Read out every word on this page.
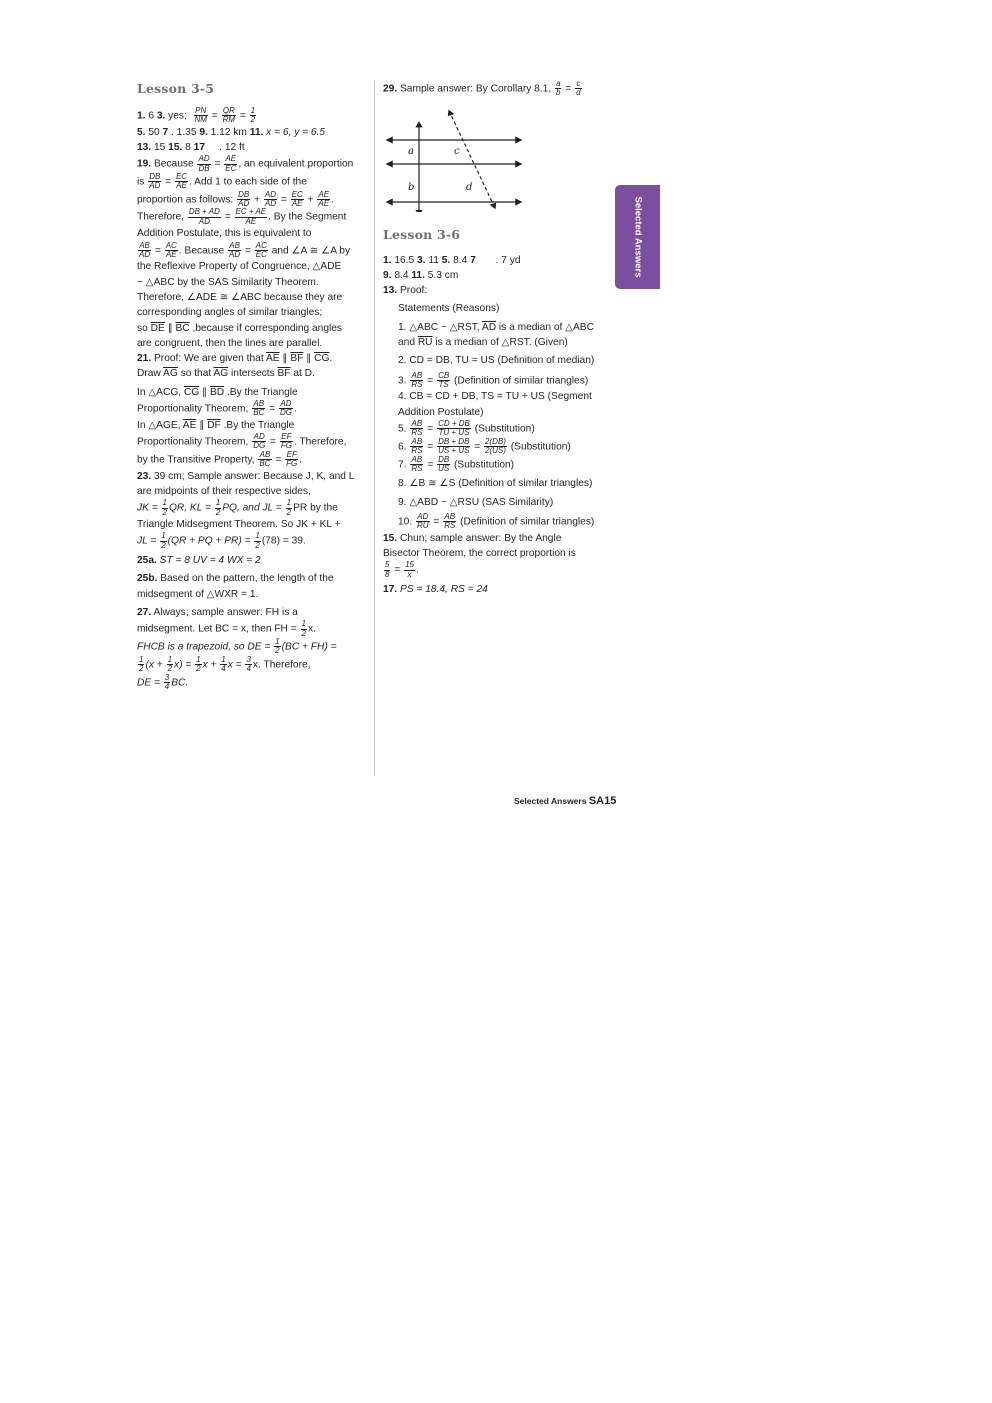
Lesson 3-5
1. 6 3. yes; $\frac{PN}{NM} = \frac{QR}{RM} = \frac{1}{2}$
5. 50 7 . 1.35 9. 1.12 km 11. x = 6, y = 6.5
13. 15 15. 8 17     . 12 ft
19. Because $\frac{AD}{DB} = \frac{AE}{EC}$ , an equivalent proportion
is $\frac{DB}{AD} = \frac{EC}{AE}$ . Add 1 to each side of the
proportion as follows: $\frac{DB}{AD} + \frac{AD}{AD} = \frac{EC}{AE} + \frac{AE}{AE}$ .
Therefore, $\frac{DB + AD}{AD} = \frac{EC + AE}{AE}$ . By the Segment
Addition Postulate, this is equivalent to
$\frac{AB}{AD} = \frac{AC}{AE}$ . Because $\frac{AB}{AD} = \frac{AC}{EC}$ and ∠A ≅ ∠A by
the Reflexive Property of Congruence, △ADE
~ △ABC by the SAS Similarity Theorem.
Therefore, ∠ADE ≅ ∠ABC because they are
corresponding angles of similar triangles;
so $\overline{DE}$ ∥ $\overline{BC}$ ,because if corresponding angles
are congruent, then the lines are parallel.
21. Proof: We are given that $\overline{AE}$ ∥ $\overline{BF}$ ∥ $\overline{CG}$.
Draw $\overline{AG}$ so that $\overline{AG}$ intersects $\overline{BF}$ at D.
In △ACG, $\overline{CG}$ ∥ $\overline{BD}$ .By the Triangle
Proportionality Theorem, $\frac{AB}{BC} = \frac{AD}{DG}$ .
In △AGE, $\overline{AE}$ ∥ $\overline{DF}$ .By the Triangle
Proportionality Theorem, $\frac{AD}{DG} = \frac{EF}{FG}$ . Therefore,
by the Transitive Property, $\frac{AB}{BC} = \frac{EF}{FG}$ .
23. 39 cm; Sample answer: Because J, K, and L
are midpoints of their respective sides,
JK = $\frac{1}{2}$ QR, KL = $\frac{1}{2}$ PQ, and JL = $\frac{1}{2}$ PR by the
Triangle Midsegment Theorem. So JK + KL +
JL = $\frac{1}{2} (QR$ + PQ + $PR) = \frac{1}{2} (78) = 39$.
25a. ST = 8 UV = 4 WX = 2
25b. Based on the pattern, the length of the
midsegment of △WXR = 1.
27. Always; sample answer: FH is a
midsegment. Let BC = x, then FH = $\frac{1}{2} x$.
FHCB is a trapezoid, so DE = $\frac{1}{2} (BC + FH)$ =
$\frac{1}{2} (x + \frac{1}{2} x) = \frac{1}{2}$ $x + \frac{1}{4}$ $x = \frac{3}{4} x$. Therefore,
DE = $\frac{3}{4}$ BC.
29. Sample answer: By Corollary 8.1, $\frac{a}{b} = \frac{c}{d}$
a	c
b	d
Lesson 3-6
1. 16.5 3. 11 5. 8.4 7       . 7 yd
9. 8.4 11. 5.3 cm
13. Proof:
Statements (Reasons)
1. △ABC ~ △RST, $\overline{AD}$ is a median of △ABC
and $\overline{RU}$ is a median of △RST. (Given)
2. CD = DB, TU = US (Definition of median)
3. $\frac{AB}{RS} = \frac{CB}{TS}$ (Definition of similar triangles)
4. CB = CD + DB, TS = TU + US (Segment
Addition Postulate)
5. $\frac{AB}{RS} = \frac{CD + DB}{TU + US}$ (Substitution)
6. $\frac{AB}{RS} = \frac{DB + DB}{US + US} = \frac{2(DB)}{2(US)}$ (Substitution)
7. $\frac{AB}{RS} = \frac{DB}{US}$ (Substitution)
8. ∠B ≅ ∠S (Definition of similar triangles)
9. △ABD ~ △RSU (SAS Similarity)
10. $\frac{AD}{RU} = \frac{AB}{RS}$ (Definition of similar triangles)
15. Chun; sample answer: By the Angle
Bisector Theorem, the correct proportion is
$\frac{5}{8} = \frac{15}{x}$ .
17. PS = 18.4, RS = 24
Selected Answers
Selected Answers SA15
